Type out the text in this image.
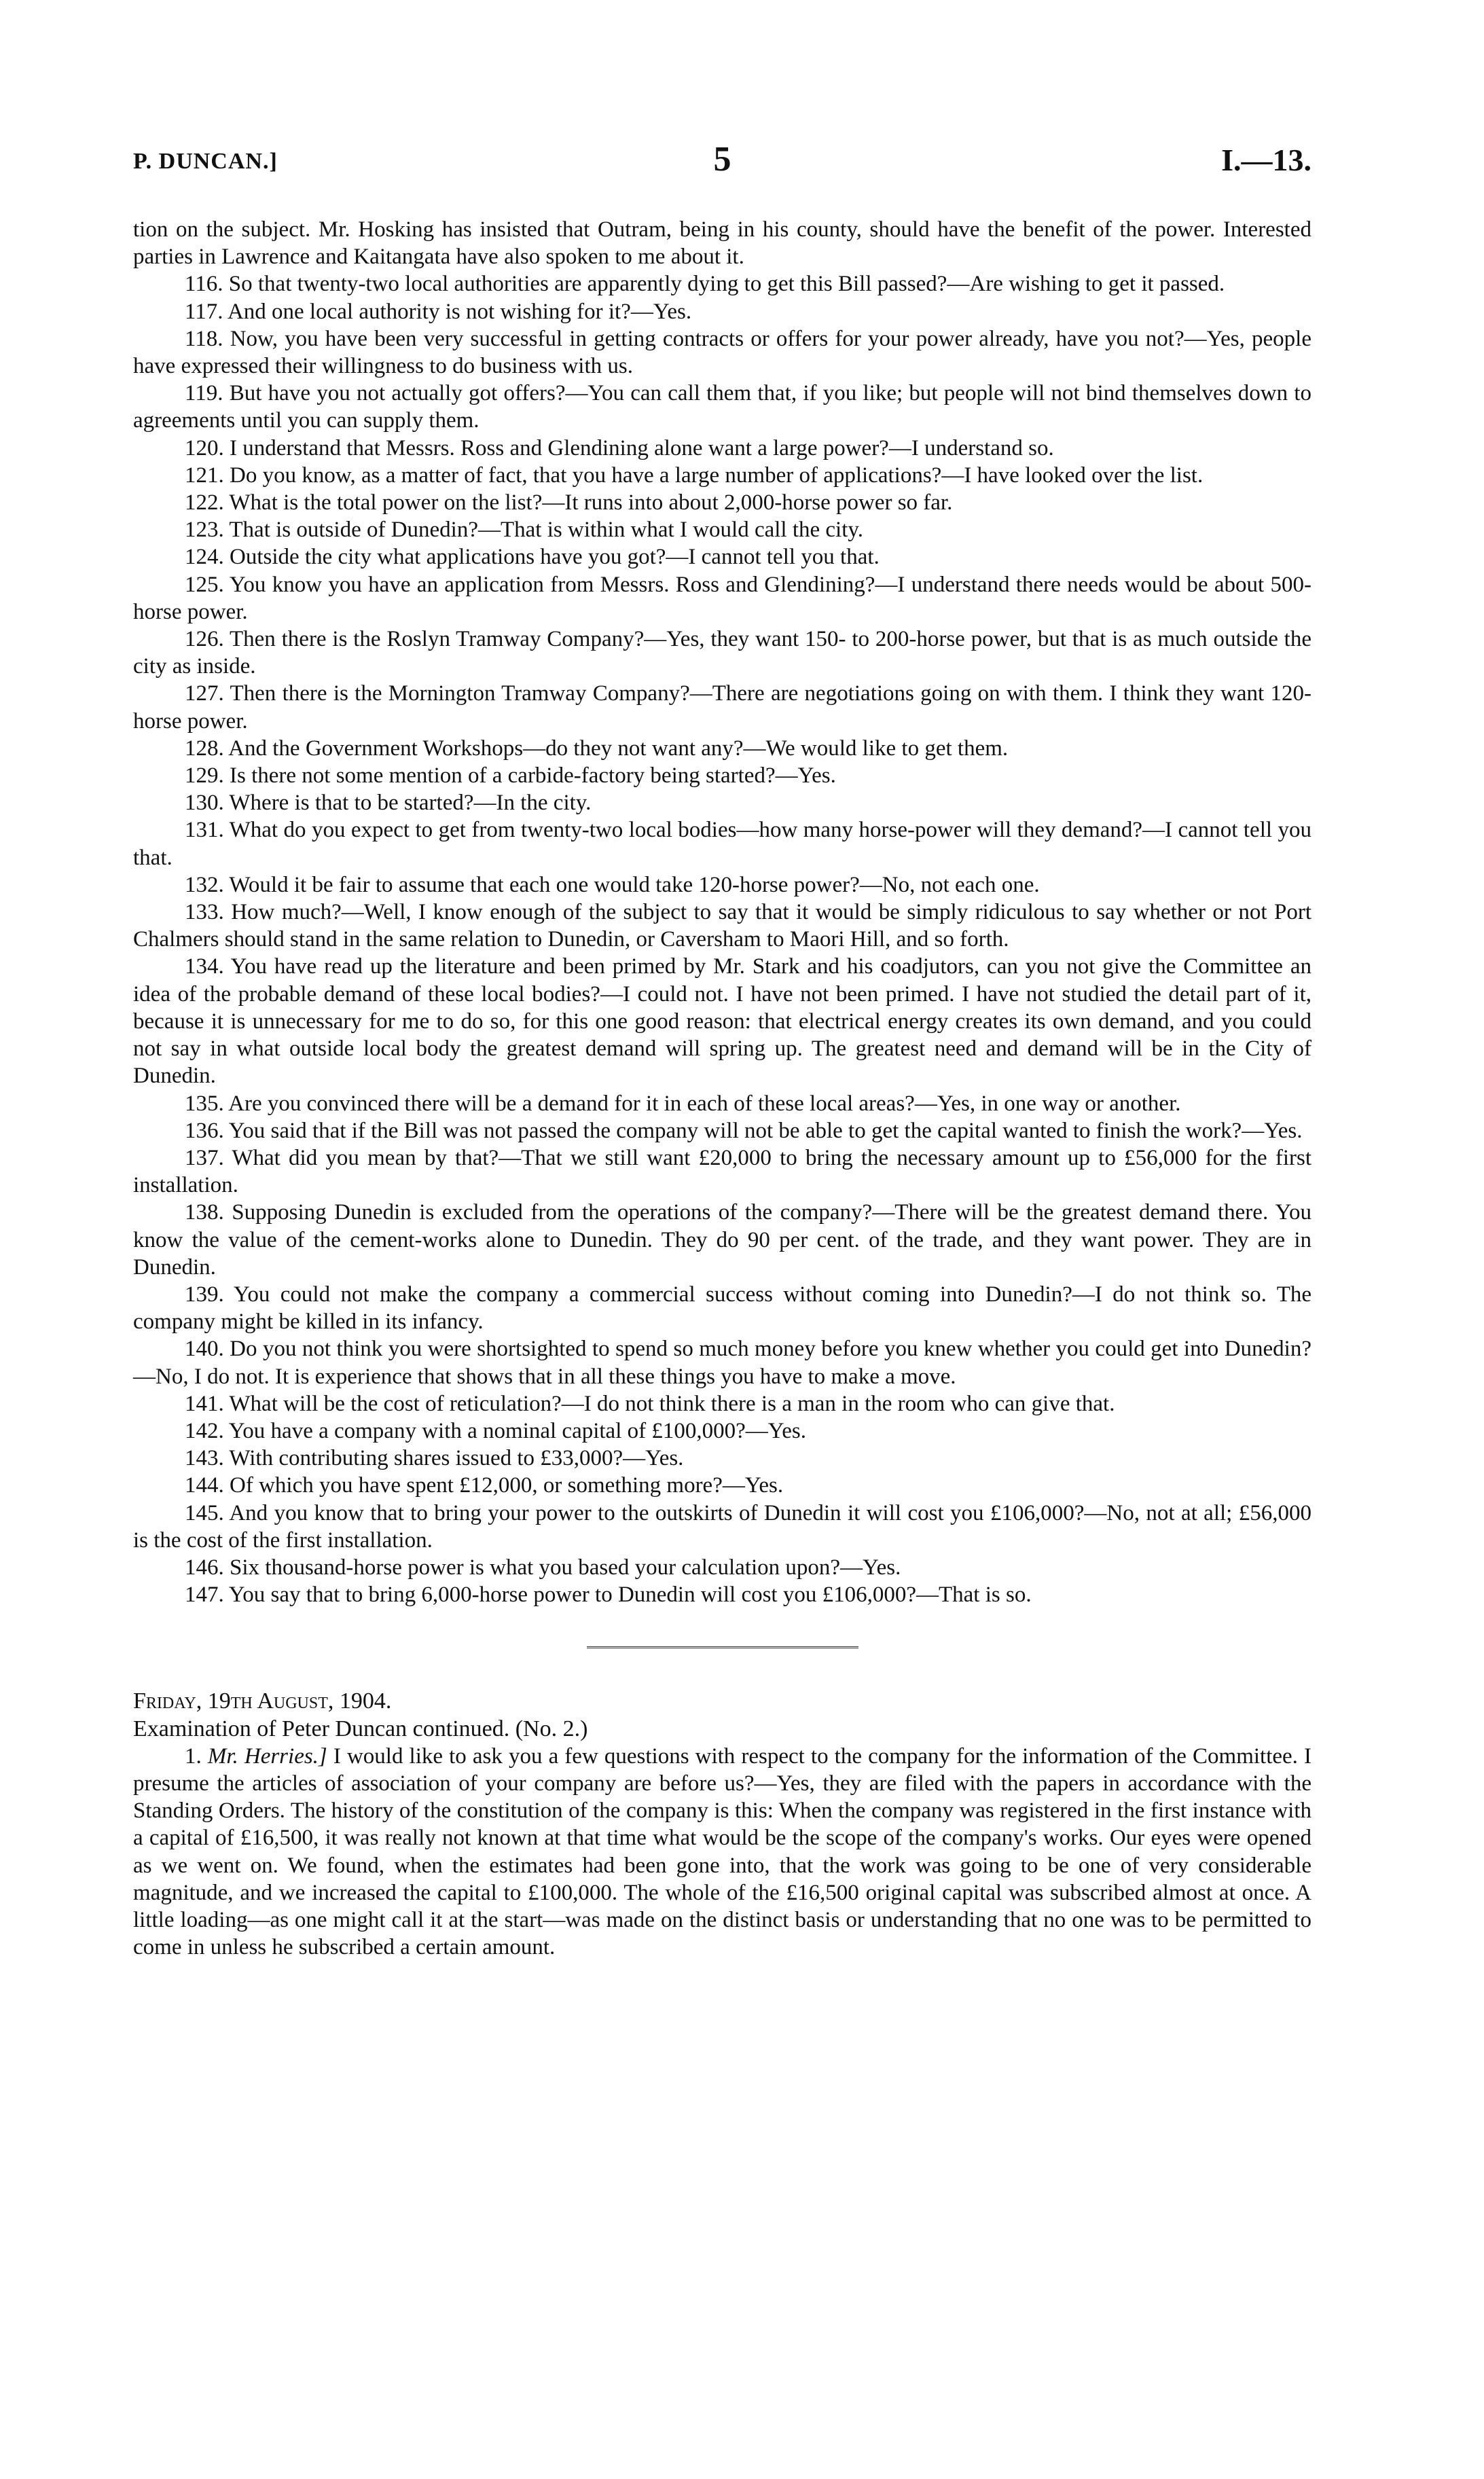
P. DUNCAN.]	5	I.—13.

tion on the subject. Mr. Hosking has insisted that Outram, being in his county, should have the benefit of the power. Interested parties in Lawrence and Kaitangata have also spoken to me about it.

116. So that twenty-two local authorities are apparently dying to get this Bill passed?—Are wishing to get it passed.

117. And one local authority is not wishing for it?—Yes.

118. Now, you have been very successful in getting contracts or offers for your power already, have you not?—Yes, people have expressed their willingness to do business with us.

119. But have you not actually got offers?—You can call them that, if you like; but people will not bind themselves down to agreements until you can supply them.

120. I understand that Messrs. Ross and Glendining alone want a large power?—I understand so.

121. Do you know, as a matter of fact, that you have a large number of applications?—I have looked over the list.

122. What is the total power on the list?—It runs into about 2,000-horse power so far.

123. That is outside of Dunedin?—That is within what I would call the city.

124. Outside the city what applications have you got?—I cannot tell you that.

125. You know you have an application from Messrs. Ross and Glendining?—I understand there needs would be about 500-horse power.

126. Then there is the Roslyn Tramway Company?—Yes, they want 150- to 200-horse power, but that is as much outside the city as inside.

127. Then there is the Mornington Tramway Company?—There are negotiations going on with them. I think they want 120-horse power.

128. And the Government Workshops—do they not want any?—We would like to get them.

129. Is there not some mention of a carbide-factory being started?—Yes.

130. Where is that to be started?—In the city.

131. What do you expect to get from twenty-two local bodies—how many horse-power will they demand?—I cannot tell you that.

132. Would it be fair to assume that each one would take 120-horse power?—No, not each one.

133. How much?—Well, I know enough of the subject to say that it would be simply ridiculous to say whether or not Port Chalmers should stand in the same relation to Dunedin, or Caversham to Maori Hill, and so forth.

134. You have read up the literature and been primed by Mr. Stark and his coadjutors, can you not give the Committee an idea of the probable demand of these local bodies?—I could not. I have not been primed. I have not studied the detail part of it, because it is unnecessary for me to do so, for this one good reason: that electrical energy creates its own demand, and you could not say in what outside local body the greatest demand will spring up. The greatest need and demand will be in the City of Dunedin.

135. Are you convinced there will be a demand for it in each of these local areas?—Yes, in one way or another.

136. You said that if the Bill was not passed the company will not be able to get the capital wanted to finish the work?—Yes.

137. What did you mean by that?—That we still want £20,000 to bring the necessary amount up to £56,000 for the first installation.

138. Supposing Dunedin is excluded from the operations of the company?—There will be the greatest demand there. You know the value of the cement-works alone to Dunedin. They do 90 per cent. of the trade, and they want power. They are in Dunedin.

139. You could not make the company a commercial success without coming into Dunedin?—I do not think so. The company might be killed in its infancy.

140. Do you not think you were shortsighted to spend so much money before you knew whether you could get into Dunedin?—No, I do not. It is experience that shows that in all these things you have to make a move.

141. What will be the cost of reticulation?—I do not think there is a man in the room who can give that.

142. You have a company with a nominal capital of £100,000?—Yes.

143. With contributing shares issued to £33,000?—Yes.

144. Of which you have spent £12,000, or something more?—Yes.

145. And you know that to bring your power to the outskirts of Dunedin it will cost you £106,000?—No, not at all; £56,000 is the cost of the first installation.

146. Six thousand-horse power is what you based your calculation upon?—Yes.

147. You say that to bring 6,000-horse power to Dunedin will cost you £106,000?—That is so.

Friday, 19th August, 1904.

Examination of Peter Duncan continued. (No. 2.)

1. Mr. Herries.] I would like to ask you a few questions with respect to the company for the information of the Committee. I presume the articles of association of your company are before us?—Yes, they are filed with the papers in accordance with the Standing Orders. The history of the constitution of the company is this: When the company was registered in the first instance with a capital of £16,500, it was really not known at that time what would be the scope of the company's works. Our eyes were opened as we went on. We found, when the estimates had been gone into, that the work was going to be one of very considerable magnitude, and we increased the capital to £100,000. The whole of the £16,500 original capital was subscribed almost at once. A little loading—as one might call it at the start—was made on the distinct basis or understanding that no one was to be permitted to come in unless he subscribed a certain amount.
